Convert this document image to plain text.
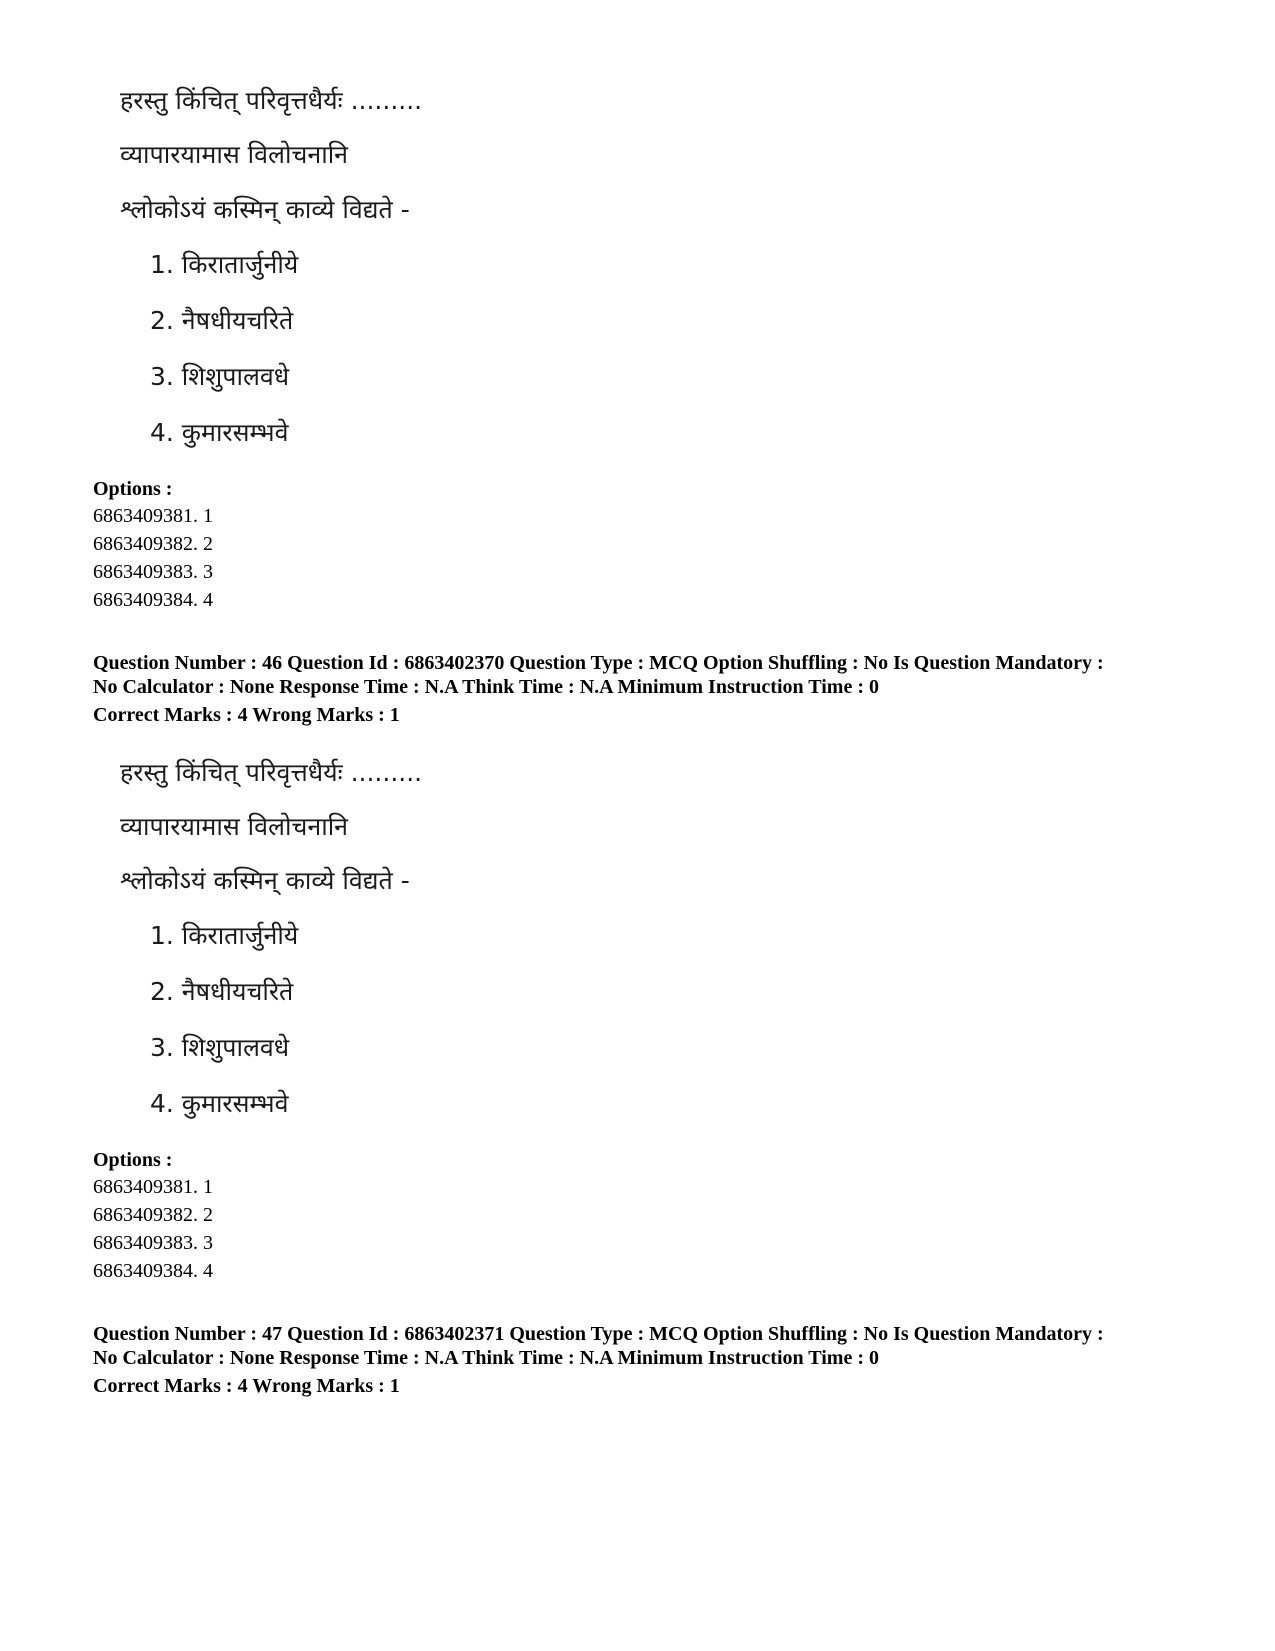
हरस्तु किंचित् परिवृत्तधैर्यः .........
व्यापारयामास विलोचनानि
श्लोकोऽयं कस्मिन् काव्ये विद्यते -
1. किरातार्जुनीये
2. नैषधीयचरिते
3. शिशुपालवधे
4. कुमारसम्भवे
Options :
6863409381. 1
6863409382. 2
6863409383. 3
6863409384. 4
Question Number : 46 Question Id : 6863402370 Question Type : MCQ Option Shuffling : No Is Question Mandatory :
No Calculator : None Response Time : N.A Think Time : N.A Minimum Instruction Time : 0
Correct Marks : 4 Wrong Marks : 1
हरस्तु किंचित् परिवृत्तधैर्यः .........
व्यापारयामास विलोचनानि
श्लोकोऽयं कस्मिन् काव्ये विद्यते -
1. किरातार्जुनीये
2. नैषधीयचरिते
3. शिशुपालवधे
4. कुमारसम्भवे
Options :
6863409381. 1
6863409382. 2
6863409383. 3
6863409384. 4
Question Number : 47 Question Id : 6863402371 Question Type : MCQ Option Shuffling : No Is Question Mandatory :
No Calculator : None Response Time : N.A Think Time : N.A Minimum Instruction Time : 0
Correct Marks : 4 Wrong Marks : 1
